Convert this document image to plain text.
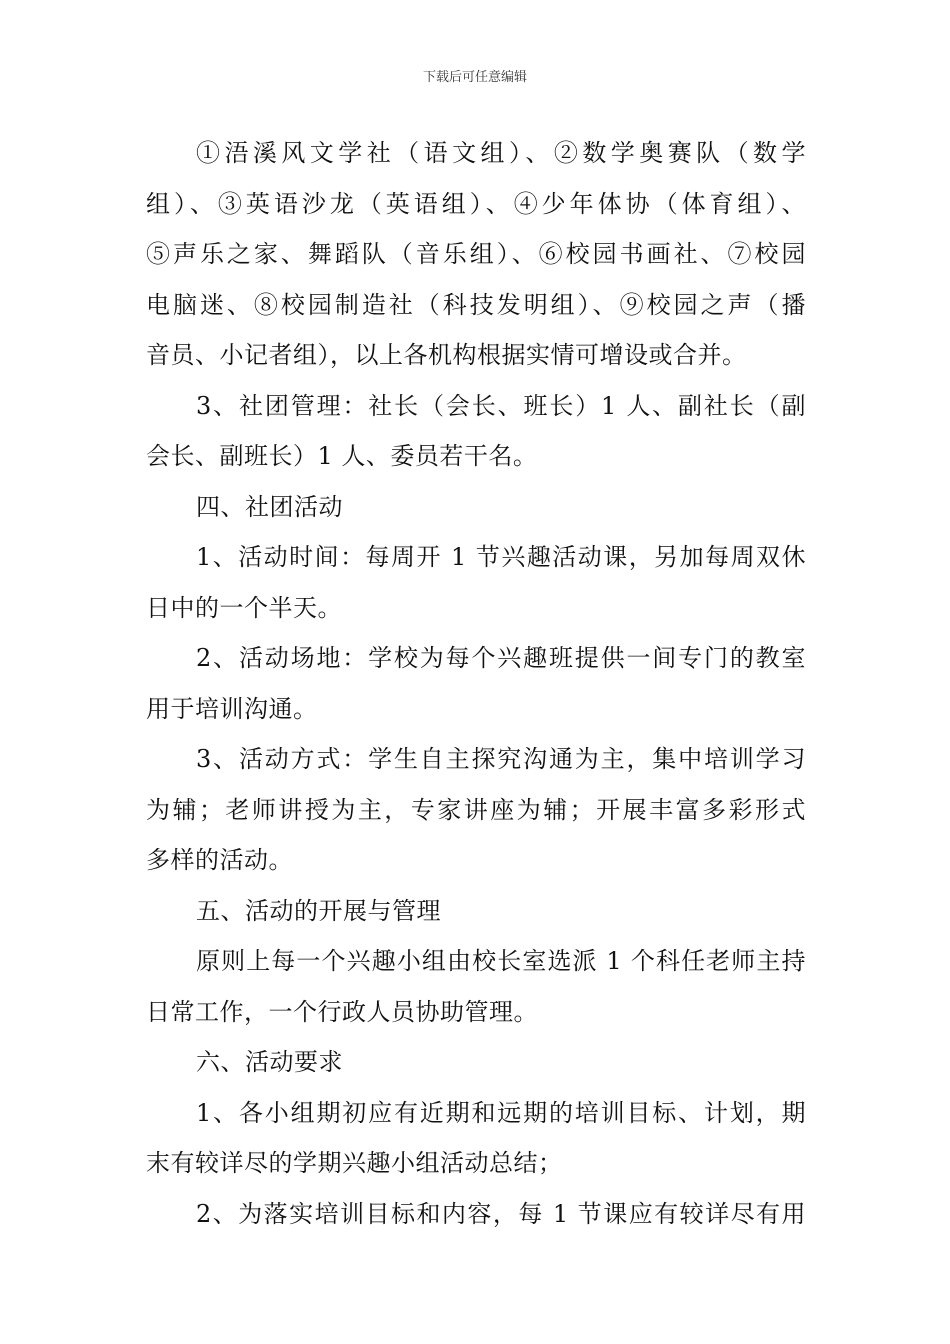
下载后可任意编辑
①浯溪风文学社（语文组）、②数学奥赛队（数学
组）、③英语沙龙（英语组）、④少年体协（体育组）、
⑤声乐之家、舞蹈队（音乐组）、⑥校园书画社、⑦校园
电脑迷、⑧校园制造社（科技发明组）、⑨校园之声（播
音员、小记者组），以上各机构根据实情可增设或合并。
3、社团管理：社长（会长、班长）1 人、副社长（副
会长、副班长）1 人、委员若干名。
四、社团活动
1、活动时间：每周开 1 节兴趣活动课，另加每周双休
日中的一个半天。
2、活动场地：学校为每个兴趣班提供一间专门的教室
用于培训沟通。
3、活动方式：学生自主探究沟通为主，集中培训学习
为辅；老师讲授为主，专家讲座为辅；开展丰富多彩形式
多样的活动。
五、活动的开展与管理
原则上每一个兴趣小组由校长室选派 1 个科任老师主持
日常工作，一个行政人员协助管理。
六、活动要求
1、各小组期初应有近期和远期的培训目标、计划，期
末有较详尽的学期兴趣小组活动总结；
2、为落实培训目标和内容，每 1 节课应有较详尽有用
